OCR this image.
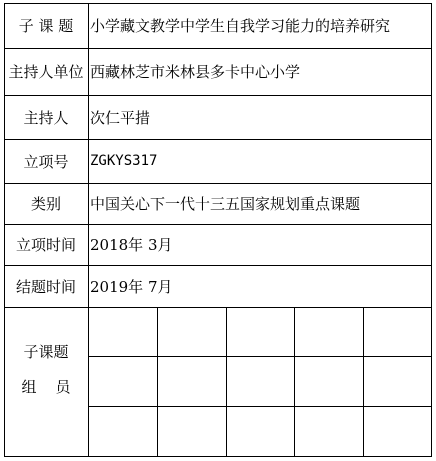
子 课 题	小学藏文教学中学生自我学习能力的培养研究
主持人单位 西藏林芝市米林县多卡中心小学
主持人	次仁平措
立项号	ZGKYS317
类别	中国关心下一代十三五国家规划重点课题
立项时间 2018年 3月
结题时间 2019年 7月
子课题
组    员
